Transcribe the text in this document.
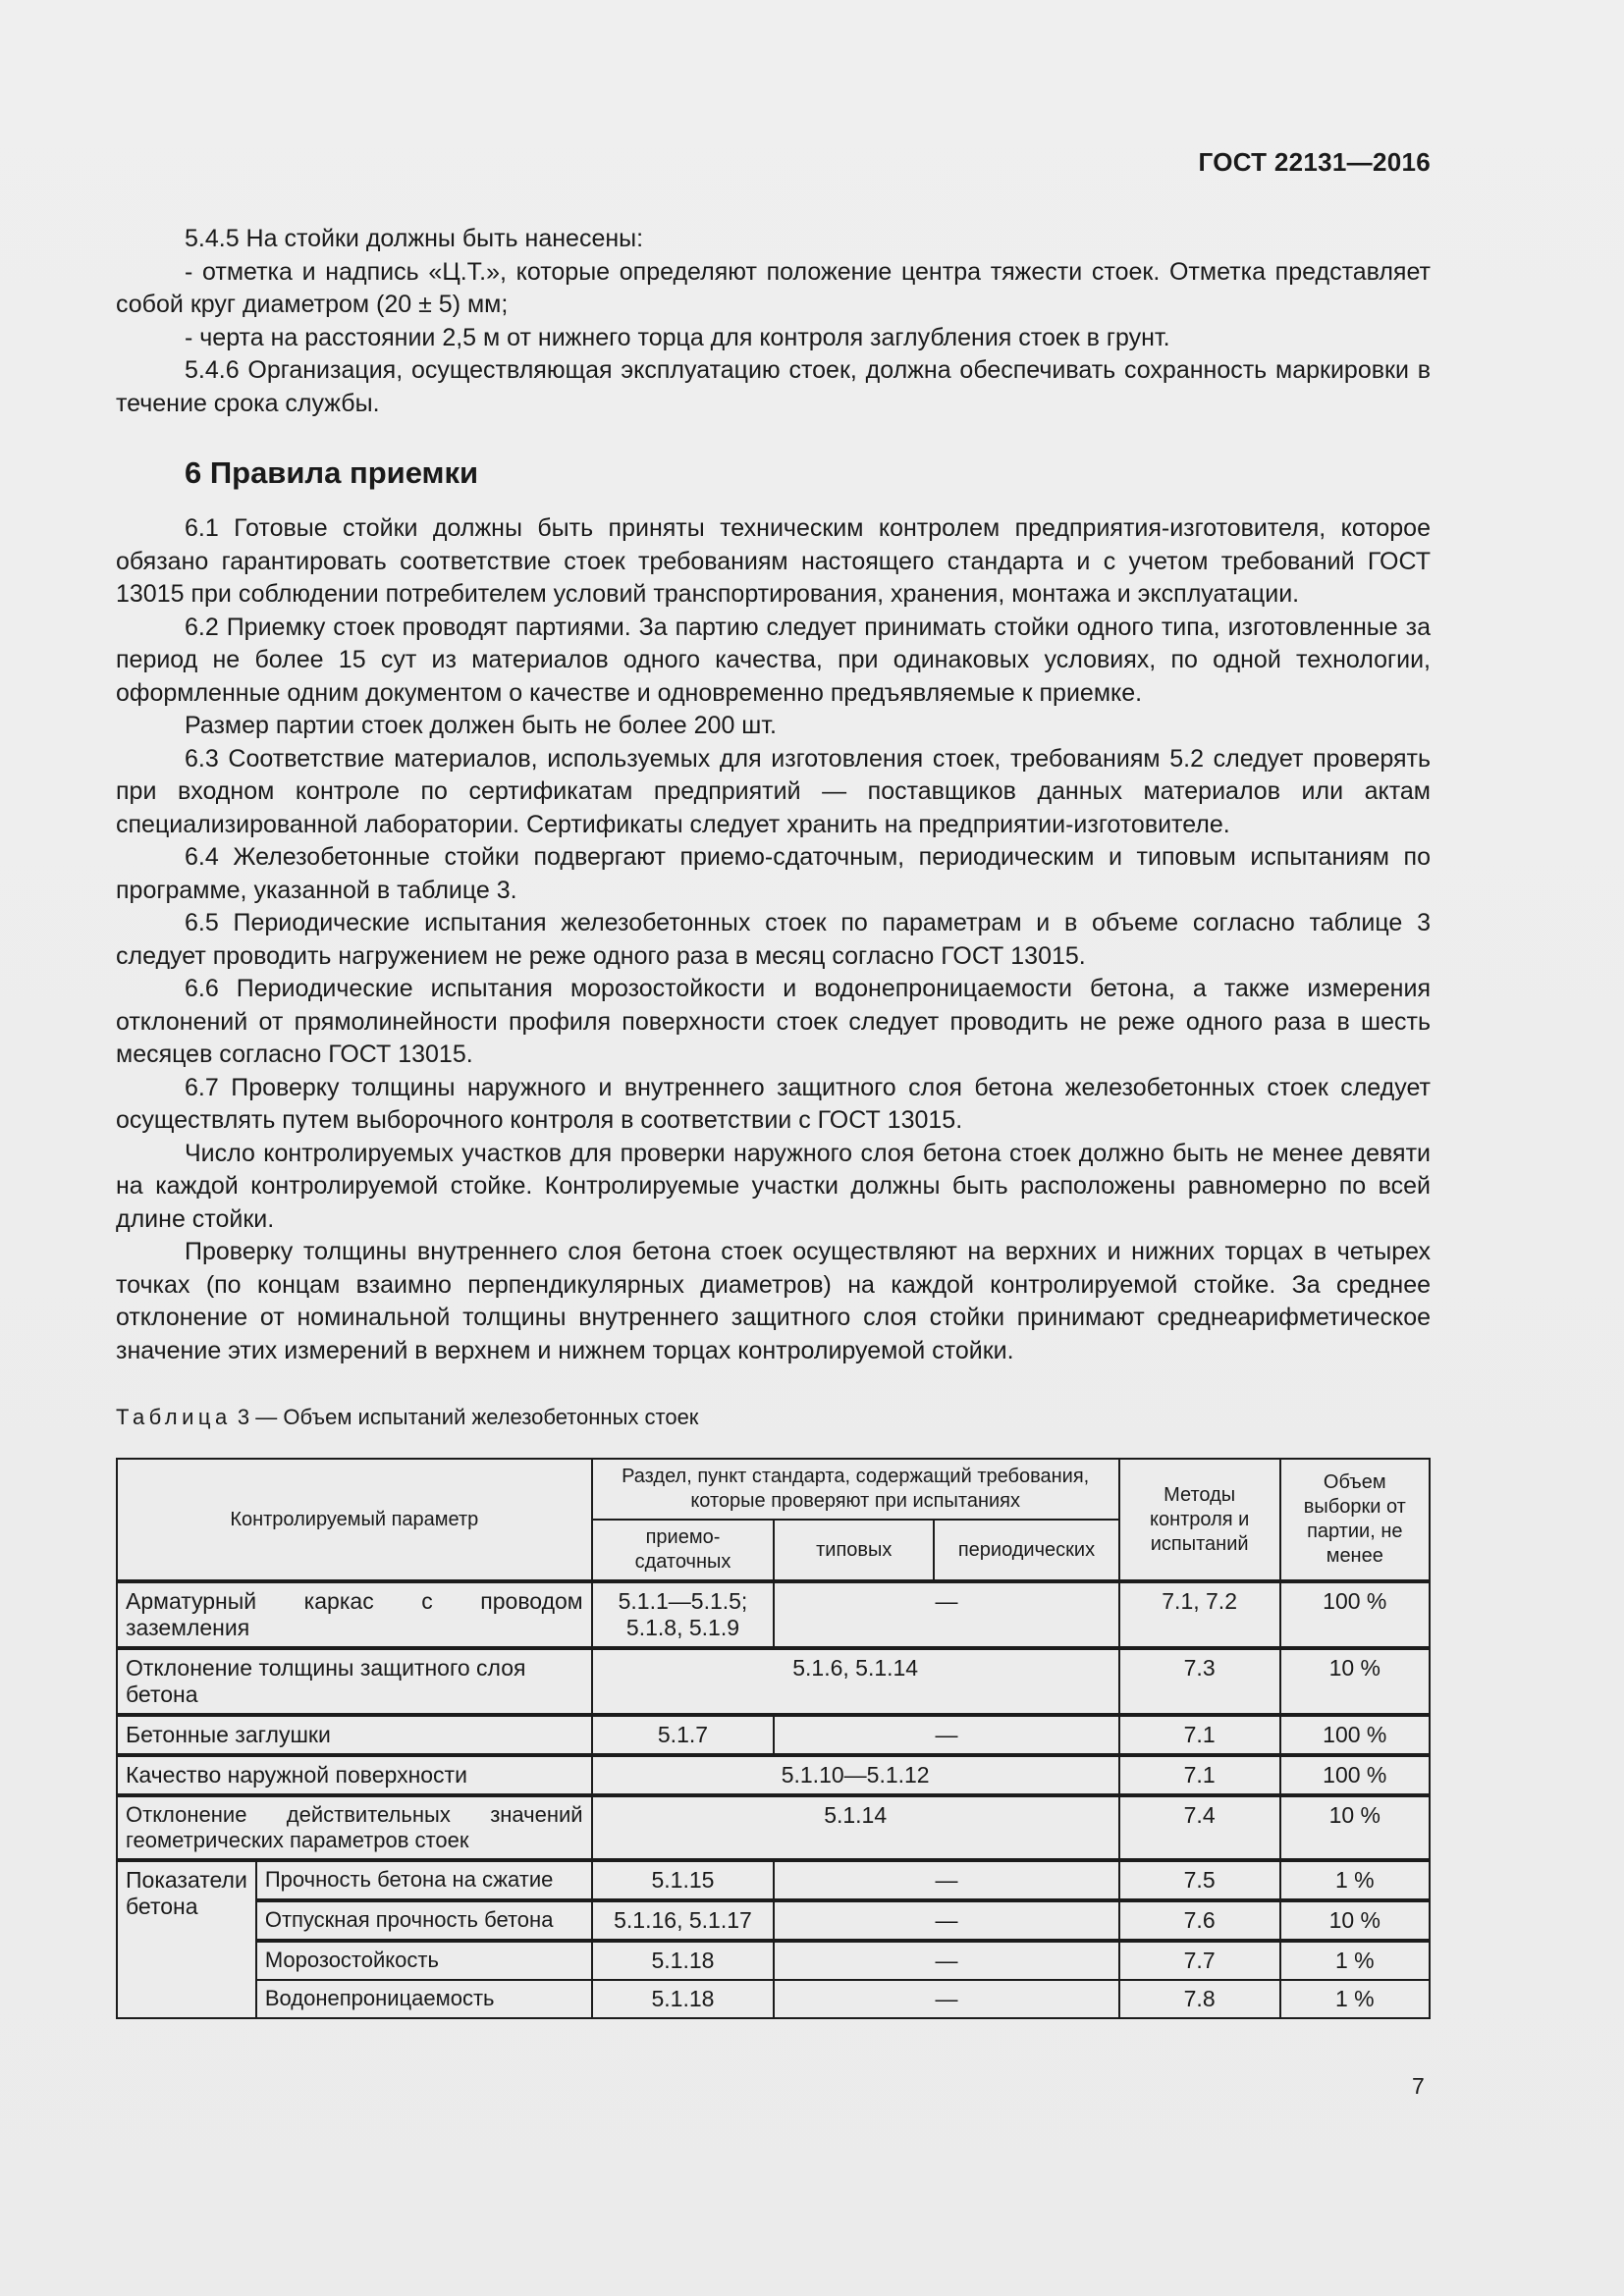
ГОСТ 22131—2016

5.4.5 На стойки должны быть нанесены:

- отметка и надпись «Ц.Т.», которые определяют положение центра тяжести стоек. Отметка представляет собой круг диаметром (20 ± 5) мм;

- черта на расстоянии 2,5 м от нижнего торца для контроля заглубления стоек в грунт.

5.4.6 Организация, осуществляющая эксплуатацию стоек, должна обеспечивать сохранность маркировки в течение срока службы.

6 Правила приемки

6.1 Готовые стойки должны быть приняты техническим контролем предприятия-изготовителя, которое обязано гарантировать соответствие стоек требованиям настоящего стандарта и с учетом требований ГОСТ 13015 при соблюдении потребителем условий транспортирования, хранения, монтажа и эксплуатации.

6.2 Приемку стоек проводят партиями. За партию следует принимать стойки одного типа, изготовленные за период не более 15 сут из материалов одного качества, при одинаковых условиях, по одной технологии, оформленные одним документом о качестве и одновременно предъявляемые к приемке.

Размер партии стоек должен быть не более 200 шт.

6.3 Соответствие материалов, используемых для изготовления стоек, требованиям 5.2 следует проверять при входном контроле по сертификатам предприятий — поставщиков данных материалов или актам специализированной лаборатории. Сертификаты следует хранить на предприятии-изготовителе.

6.4 Железобетонные стойки подвергают приемо-сдаточным, периодическим и типовым испытаниям по программе, указанной в таблице 3.

6.5 Периодические испытания железобетонных стоек по параметрам и в объеме согласно таблице 3 следует проводить нагружением не реже одного раза в месяц согласно ГОСТ 13015.

6.6 Периодические испытания морозостойкости и водонепроницаемости бетона, а также измерения отклонений от прямолинейности профиля поверхности стоек следует проводить не реже одного раза в шесть месяцев согласно ГОСТ 13015.

6.7 Проверку толщины наружного и внутреннего защитного слоя бетона железобетонных стоек следует осуществлять путем выборочного контроля в соответствии с ГОСТ 13015.

Число контролируемых участков для проверки наружного слоя бетона стоек должно быть не менее девяти на каждой контролируемой стойке. Контролируемые участки должны быть расположены равномерно по всей длине стойки.

Проверку толщины внутреннего слоя бетона стоек осуществляют на верхних и нижних торцах в четырех точках (по концам взаимно перпендикулярных диаметров) на каждой контролируемой стойке. За среднее отклонение от номинальной толщины внутреннего защитного слоя стойки принимают среднеарифметическое значение этих измерений в верхнем и нижнем торцах контролируемой стойки.

Таблица 3 — Объем испытаний железобетонных стоек
Контролируемый параметр		Раздел, пункт стандарта, содержащий требования, которые проверяют при испытаниях			Методы контроля и испытаний	Объем выборки от партии, не менее
		приемо-сдаточных	типовых	периодических		
Арматурный каркас с проводом заземления		5.1.1—5.1.5; 5.1.8, 5.1.9	—		7.1, 7.2	100 %
Отклонение толщины защитного слоя бетона		5.1.6, 5.1.14			7.3	10 %
Бетонные заглушки		5.1.7	—		7.1	100 %
Качество наружной поверхности		5.1.10—5.1.12			7.1	100 %
Отклонение действительных значений геометрических параметров стоек		5.1.14			7.4	10 %
Показатели бетона	Прочность бетона на сжатие	5.1.15	—		7.5	1 %
	Отпускная прочность бетона	5.1.16, 5.1.17	—		7.6	10 %
	Морозостойкость	5.1.18	—		7.7	1 %
	Водонепроницаемость	5.1.18	—		7.8	1 %
7
